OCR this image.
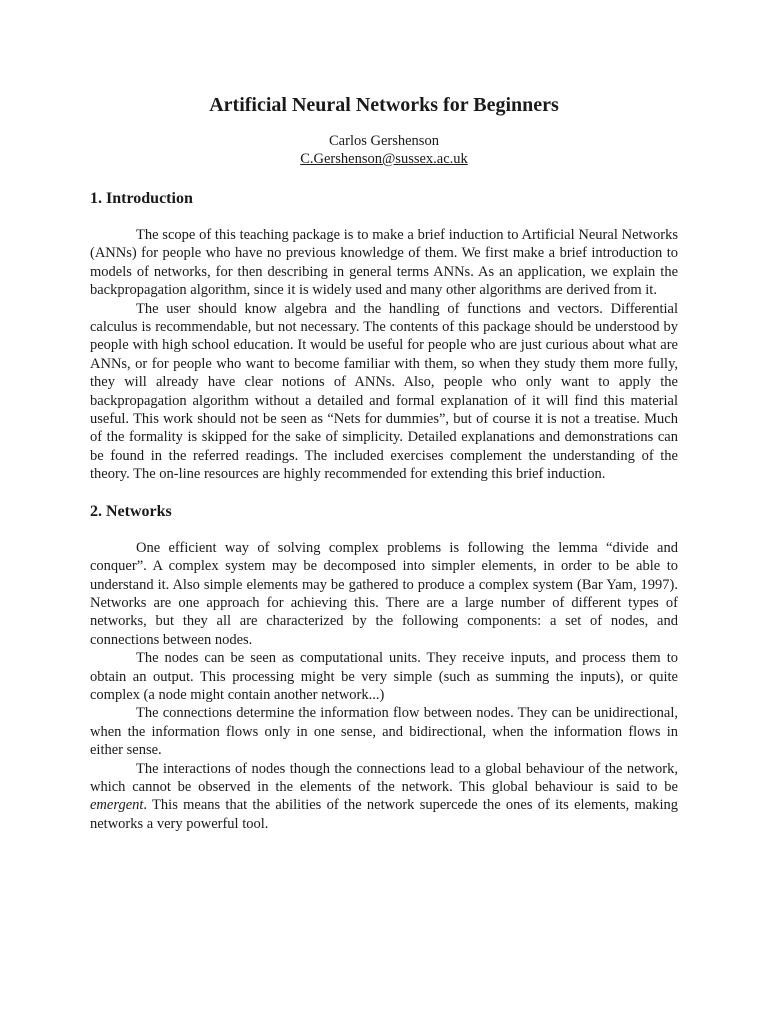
Artificial Neural Networks for Beginners

Carlos Gershenson

C.Gershenson@sussex.ac.uk

1. Introduction

The scope of this teaching package is to make a brief induction to Artificial Neural Networks (ANNs) for people who have no previous knowledge of them. We first make a brief introduction to models of networks, for then describing in general terms ANNs. As an application, we explain the backpropagation algorithm, since it is widely used and many other algorithms are derived from it.

The user should know algebra and the handling of functions and vectors. Differential calculus is recommendable, but not necessary. The contents of this package should be understood by people with high school education. It would be useful for people who are just curious about what are ANNs, or for people who want to become familiar with them, so when they study them more fully, they will already have clear notions of ANNs. Also, people who only want to apply the backpropagation algorithm without a detailed and formal explanation of it will find this material useful. This work should not be seen as “Nets for dummies”, but of course it is not a treatise. Much of the formality is skipped for the sake of simplicity. Detailed explanations and demonstrations can be found in the referred readings. The included exercises complement the understanding of the theory. The on-line resources are highly recommended for extending this brief induction.

2. Networks

One efficient way of solving complex problems is following the lemma “divide and conquer”. A complex system may be decomposed into simpler elements, in order to be able to understand it. Also simple elements may be gathered to produce a complex system (Bar Yam, 1997). Networks are one approach for achieving this. There are a large number of different types of networks, but they all are characterized by the following components: a set of nodes, and connections between nodes.

The nodes can be seen as computational units. They receive inputs, and process them to obtain an output. This processing might be very simple (such as summing the inputs), or quite complex (a node might contain another network...)

The connections determine the information flow between nodes. They can be unidirectional, when the information flows only in one sense, and bidirectional, when the information flows in either sense.

The interactions of nodes though the connections lead to a global behaviour of the network, which cannot be observed in the elements of the network. This global behaviour is said to be emergent. This means that the abilities of the network supercede the ones of its elements, making networks a very powerful tool.
